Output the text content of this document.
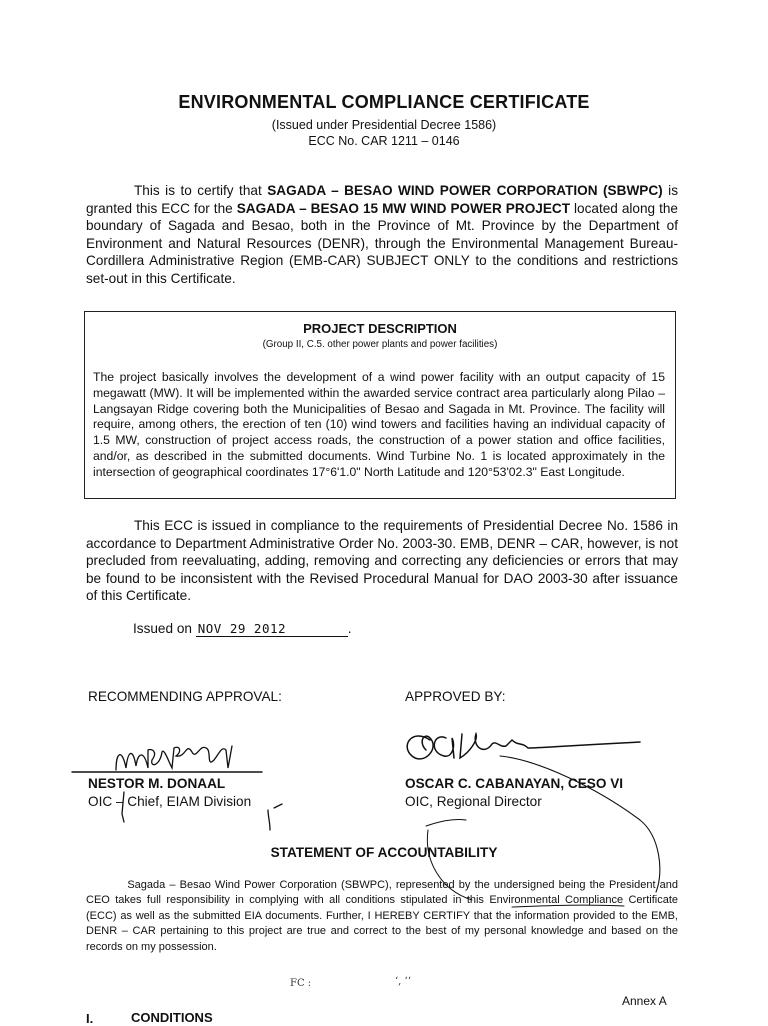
ENVIRONMENTAL COMPLIANCE CERTIFICATE
(Issued under Presidential Decree 1586)
ECC No. CAR 1211 – 0146

This is to certify that SAGADA – BESAO WIND POWER CORPORATION (SBWPC) is granted this ECC for the SAGADA – BESAO 15 MW WIND POWER PROJECT located along the boundary of Sagada and Besao, both in the Province of Mt. Province by the Department of Environment and Natural Resources (DENR), through the Environmental Management Bureau-Cordillera Administrative Region (EMB-CAR) SUBJECT ONLY to the conditions and restrictions set-out in this Certificate.

PROJECT DESCRIPTION
(Group II, C.5. other power plants and power facilities)

The project basically involves the development of a wind power facility with an output capacity of 15 megawatt (MW). It will be implemented within the awarded service contract area particularly along Pilao – Langsayan Ridge covering both the Municipalities of Besao and Sagada in Mt. Province. The facility will require, among others, the erection of ten (10) wind towers and facilities having an individual capacity of 1.5 MW, construction of project access roads, the construction of a power station and office facilities, and/or, as described in the submitted documents. Wind Turbine No. 1 is located approximately in the intersection of geographical coordinates 17°6'1.0" North Latitude and 120°53'02.3" East Longitude.

This ECC is issued in compliance to the requirements of Presidential Decree No. 1586 in accordance to Department Administrative Order No. 2003-30. EMB, DENR – CAR, however, is not precluded from reevaluating, adding, removing and correcting any deficiencies or errors that may be found to be inconsistent with the Revised Procedural Manual for DAO 2003-30 after issuance of this Certificate.

Issued on NOV 29 2012	.
RECOMMENDING APPROVAL:	APPROVED BY:
NESTOR M. DONAAL
OIC – Chief, EIAM Division
OSCAR C. CABANAYAN, CESO VI
OIC, Regional Director
STATEMENT OF ACCOUNTABILITY

Sagada – Besao Wind Power Corporation (SBWPC), represented by the undersigned being the President and CEO takes full responsibility in complying with all conditions stipulated in this Environmental Compliance Certificate (ECC) as well as the submitted EIA documents. Further, I HEREBY CERTIFY that the information provided to the EMB, DENR – CAR pertaining to this project are true and correct to the best of my personal knowledge and based on the records on my possession.

FC :	‘, ‘ʻ
Annex A
I.	CONDITIONS
